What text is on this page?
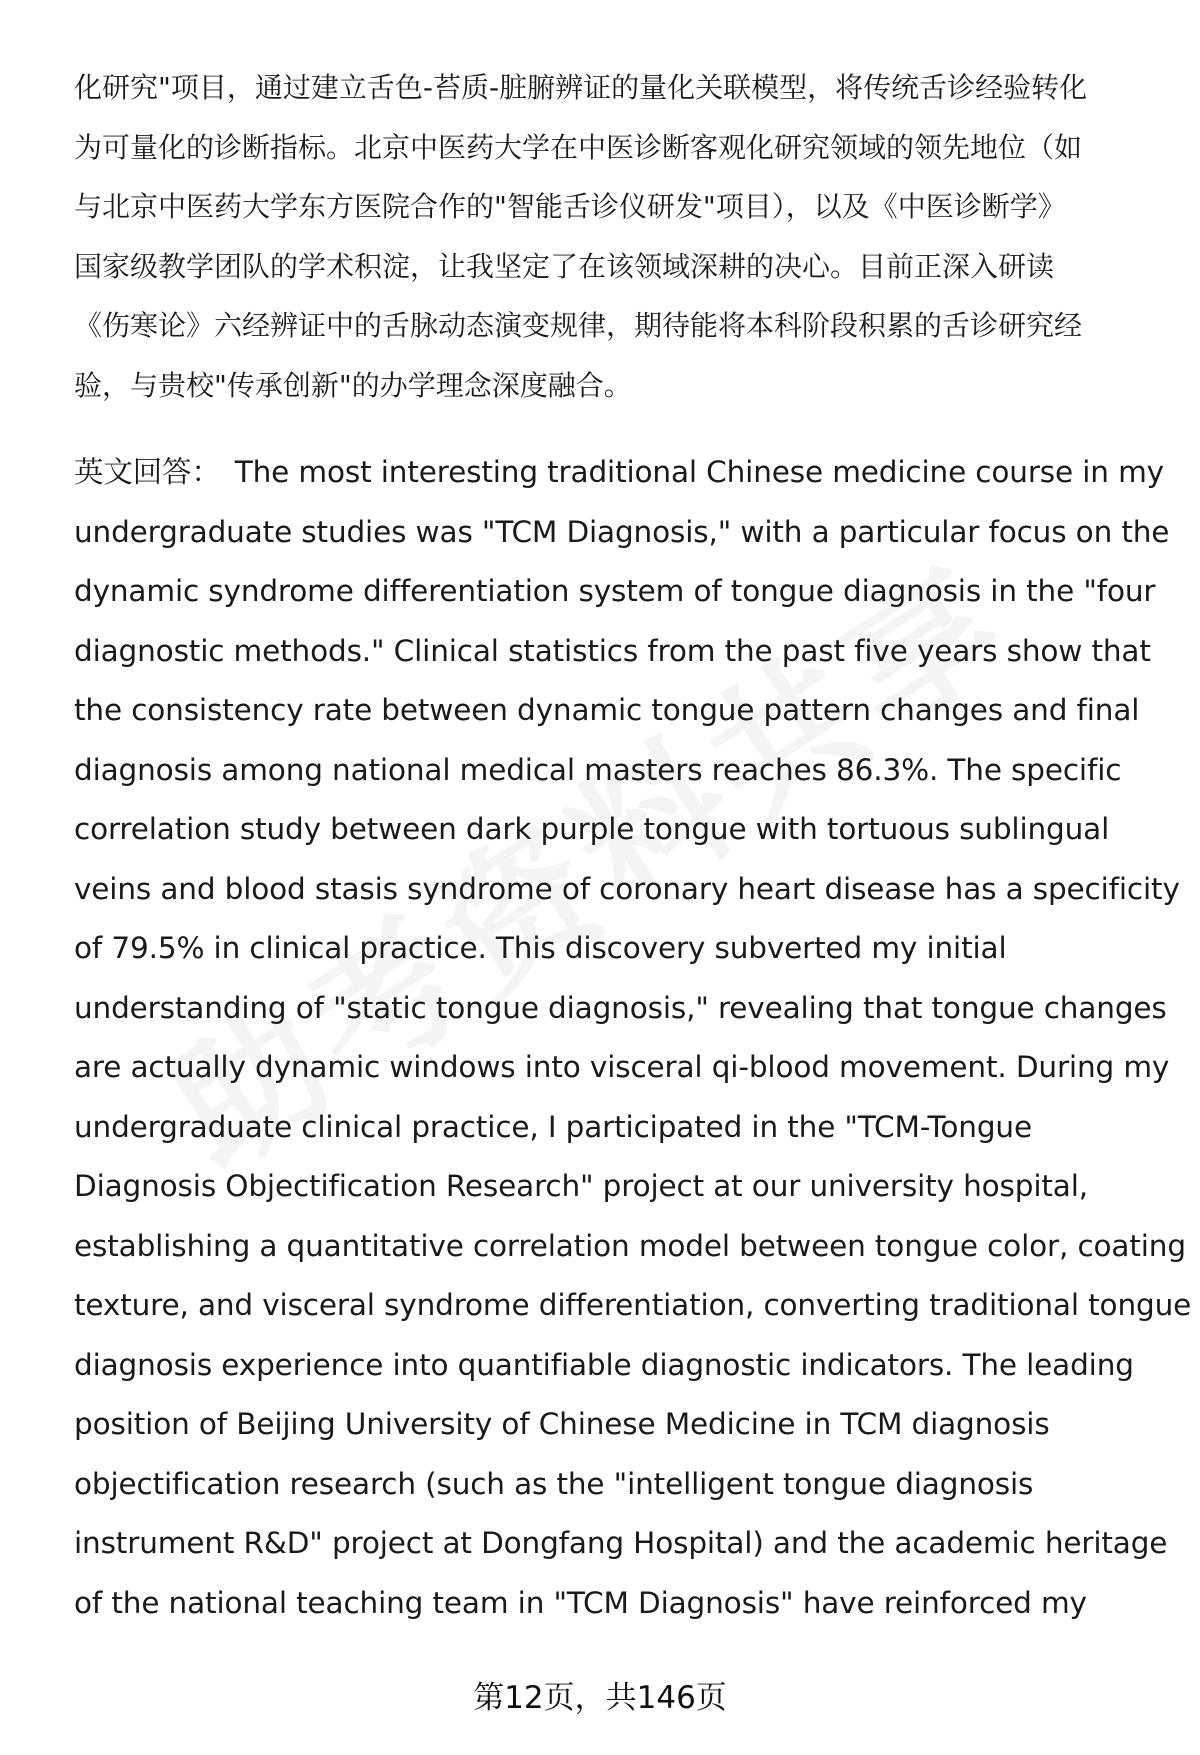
化研究"项目，通过建立舌色-苔质-脏腑辨证的量化关联模型，将传统舌诊经验转化
为可量化的诊断指标。北京中医药大学在中医诊断客观化研究领域的领先地位（如
与北京中医药大学东方医院合作的"智能舌诊仪研发"项目），以及《中医诊断学》
国家级教学团队的学术积淀，让我坚定了在该领域深耕的决心。目前正深入研读
《伤寒论》六经辨证中的舌脉动态演变规律，期待能将本科阶段积累的舌诊研究经
验，与贵校"传承创新"的办学理念深度融合。

英文回答： The most interesting traditional Chinese medicine course in my
undergraduate studies was "TCM Diagnosis," with a particular focus on the
dynamic syndrome differentiation system of tongue diagnosis in the "four
diagnostic methods." Clinical statistics from the past five years show that
the consistency rate between dynamic tongue pattern changes and final
diagnosis among national medical masters reaches 86.3%. The specific
correlation study between dark purple tongue with tortuous sublingual
veins and blood stasis syndrome of coronary heart disease has a specificity
of 79.5% in clinical practice. This discovery subverted my initial
understanding of "static tongue diagnosis," revealing that tongue changes
are actually dynamic windows into visceral qi-blood movement. During my
undergraduate clinical practice, I participated in the "TCM-Tongue
Diagnosis Objectification Research" project at our university hospital,
establishing a quantitative correlation model between tongue color, coating
texture, and visceral syndrome differentiation, converting traditional tongue
diagnosis experience into quantifiable diagnostic indicators. The leading
position of Beijing University of Chinese Medicine in TCM diagnosis
objectification research (such as the "intelligent tongue diagnosis
instrument R&D" project at Dongfang Hospital) and the academic heritage
of the national teaching team in "TCM Diagnosis" have reinforced my

第12页，共146页
